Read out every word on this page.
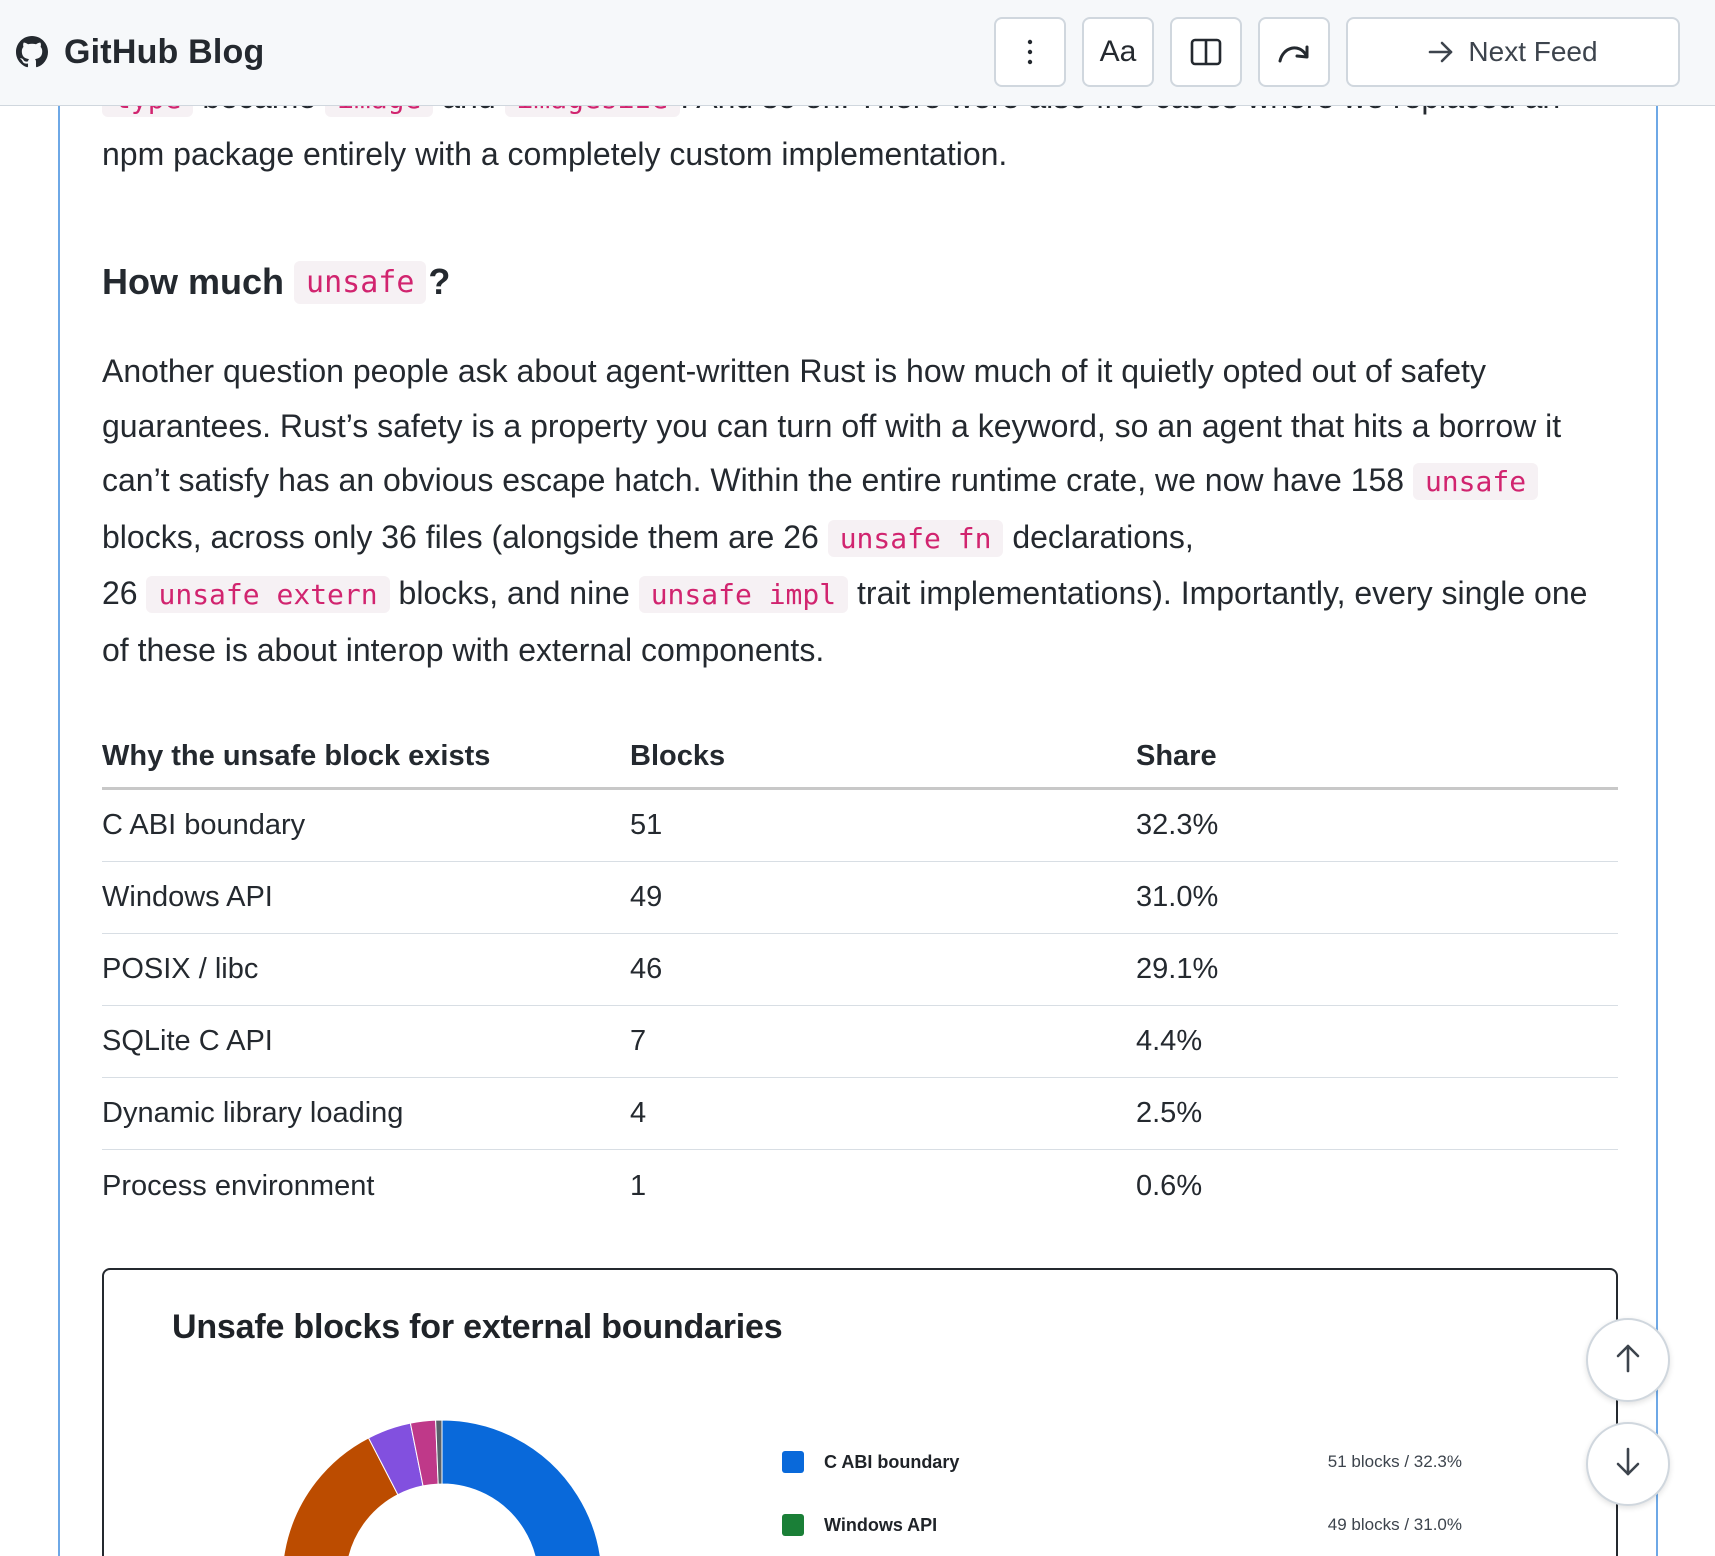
GitHub Blog	Aa	Next Feed

npm package entirely with a completely custom implementation.

How much unsafe ?

Another question people ask about agent-written Rust is how much of it quietly opted out of safety guarantees. Rust’s safety is a property you can turn off with a keyword, so an agent that hits a borrow it can’t satisfy has an obvious escape hatch. Within the entire runtime crate, we now have 158 unsafe blocks, across only 36 files (alongside them are 26 unsafe fn declarations,
26 unsafe extern blocks, and nine unsafe impl trait implementations). Importantly, every single one of these is about interop with external components.

Why the unsafe block exists	Blocks	Share
C ABI boundary	51	32.3%
Windows API	49	31.0%
POSIX / libc	46	29.1%
SQLite C API	7	4.4%
Dynamic library loading	4	2.5%
Process environment	1	0.6%
Unsafe blocks for external boundaries
C ABI boundary	51 blocks / 32.3%
Windows API	49 blocks / 31.0%
